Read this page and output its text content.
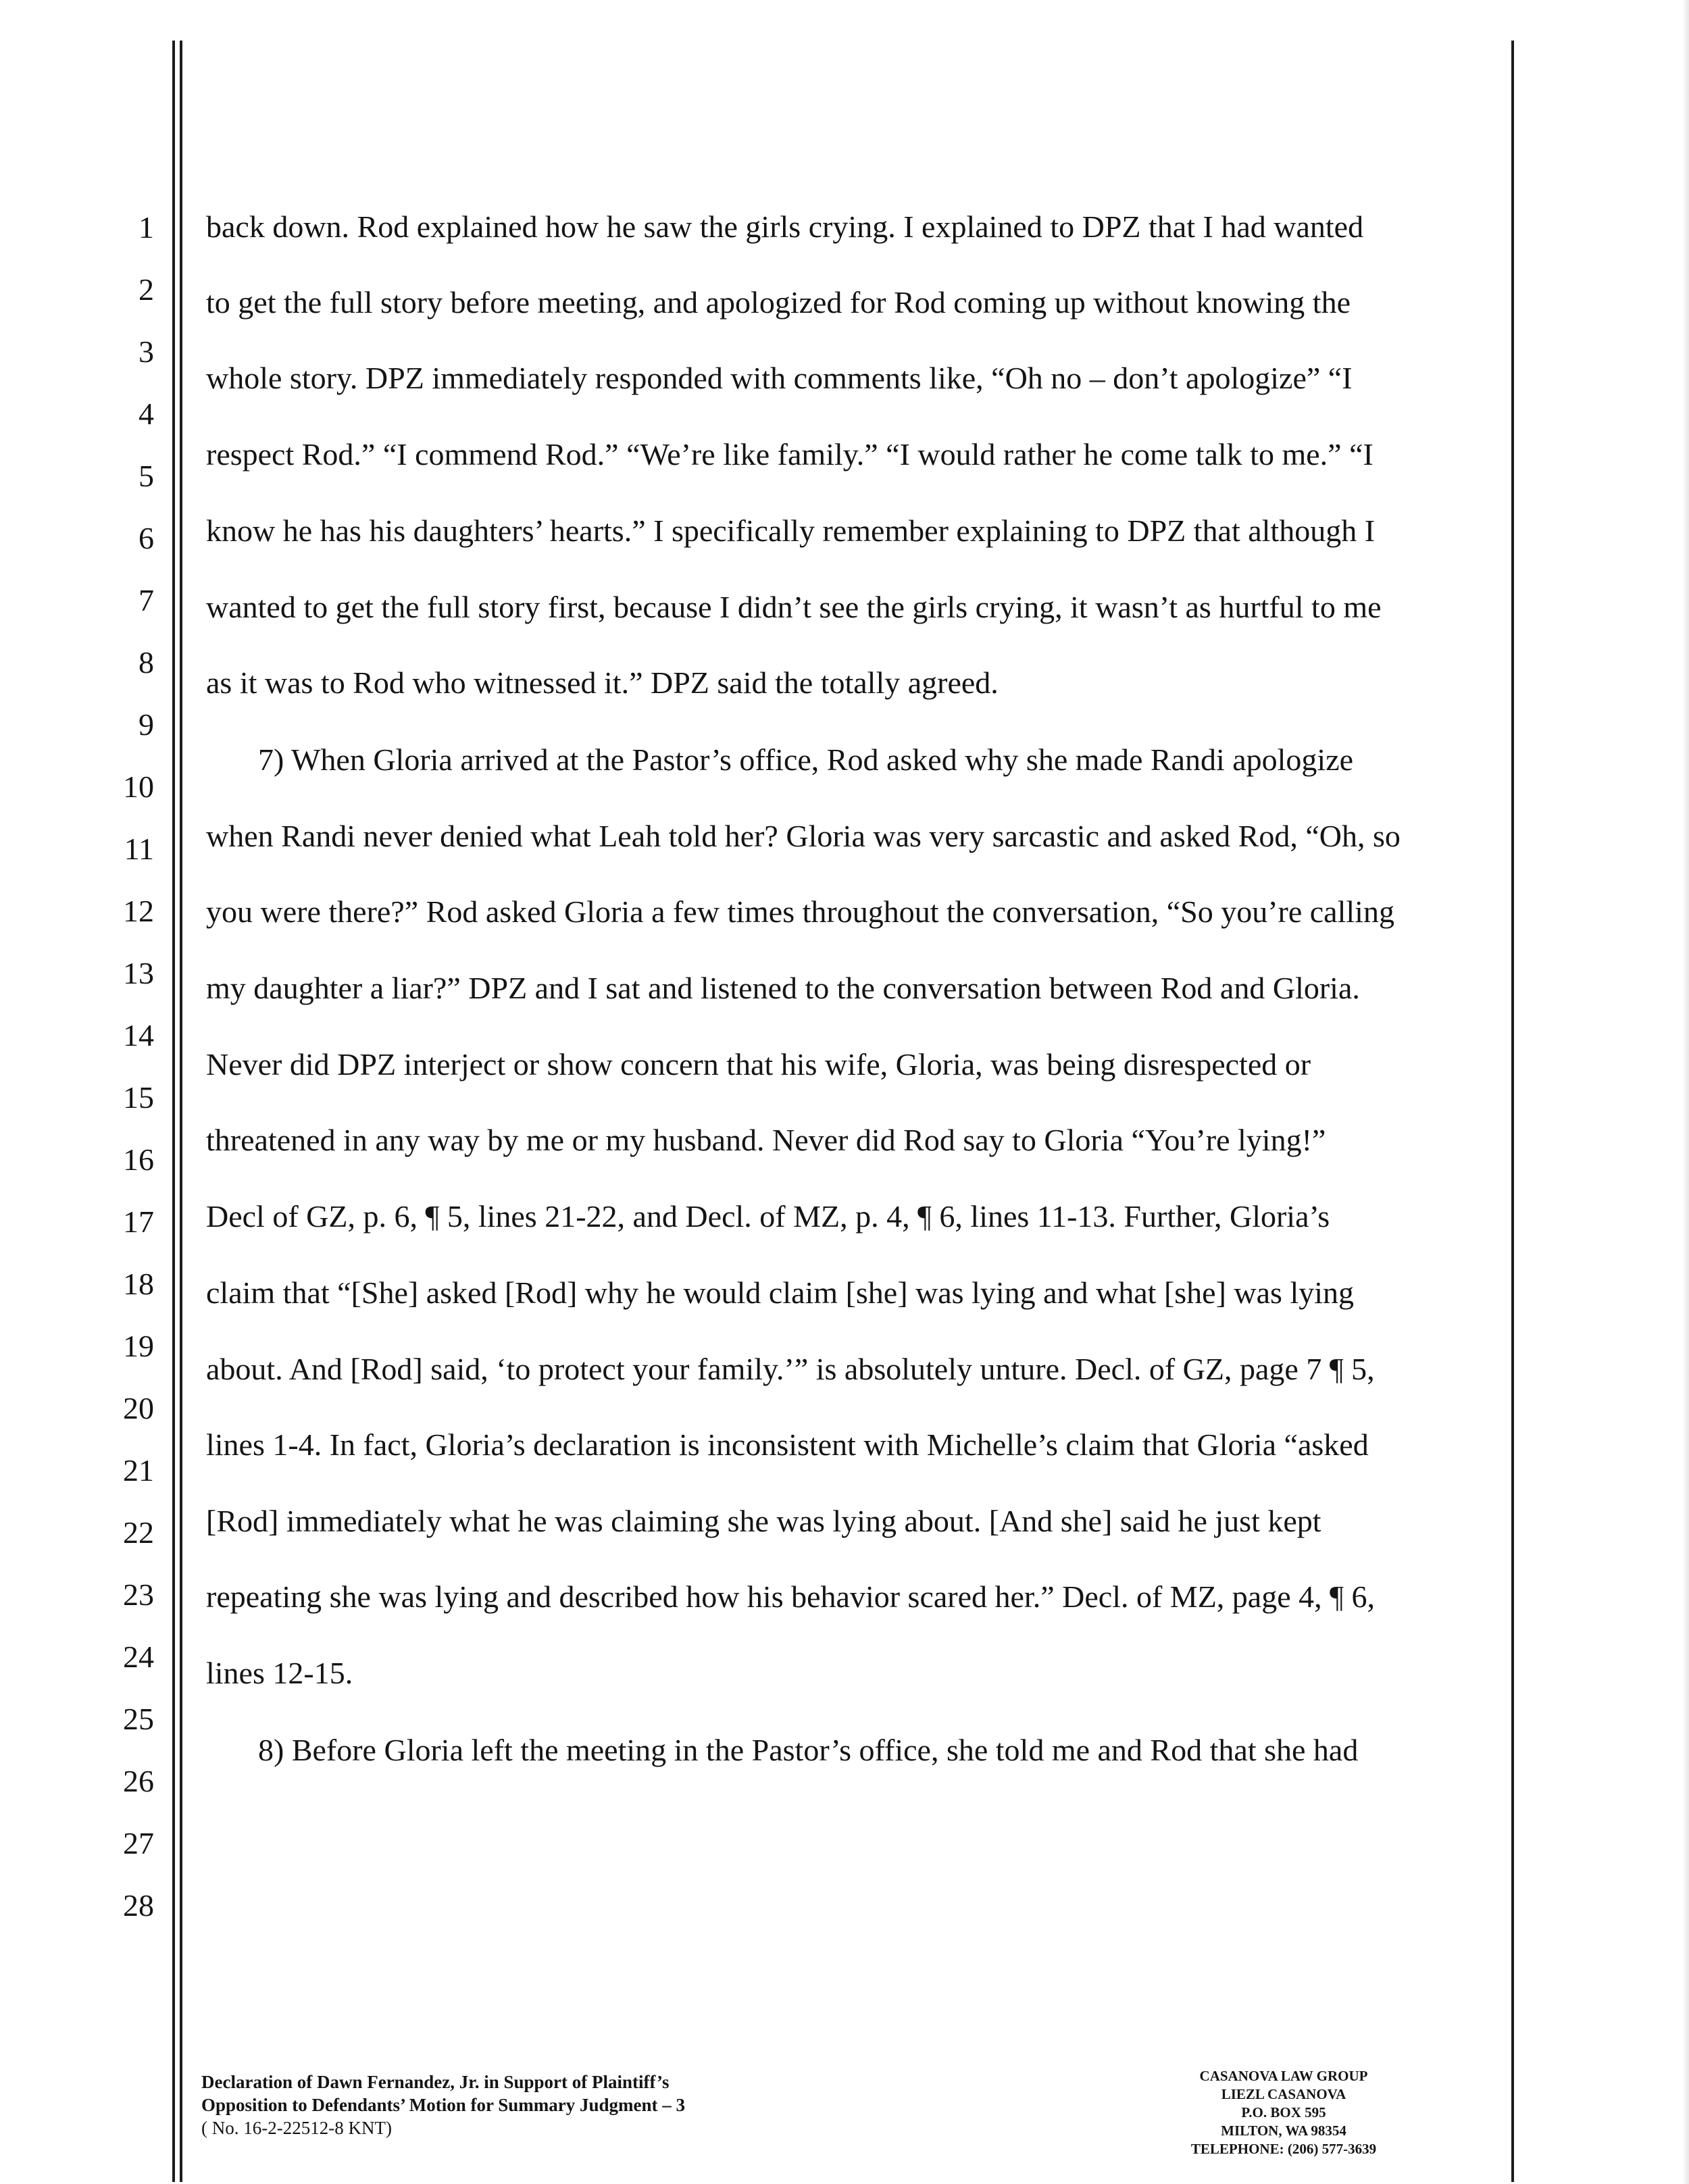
1
2
3
4
5
6
7
8
9
10
11
12
13
14
15
16
17
18
19
20
21
22
23
24
25
26
27
28
back down. Rod explained how he saw the girls crying. I explained to DPZ that I had wanted
to get the full story before meeting, and apologized for Rod coming up without knowing the
whole story. DPZ immediately responded with comments like, “Oh no – don’t apologize” “I
respect Rod.” “I commend Rod.” “We’re like family.” “I would rather he come talk to me.” “I
know he has his daughters’ hearts.” I specifically remember explaining to DPZ that although I
wanted to get the full story first, because I didn’t see the girls crying, it wasn’t as hurtful to me
as it was to Rod who witnessed it.” DPZ said the totally agreed.
7) When Gloria arrived at the Pastor’s office, Rod asked why she made Randi apologize
when Randi never denied what Leah told her? Gloria was very sarcastic and asked Rod, “Oh, so
you were there?” Rod asked Gloria a few times throughout the conversation, “So you’re calling
my daughter a liar?” DPZ and I sat and listened to the conversation between Rod and Gloria.
Never did DPZ interject or show concern that his wife, Gloria, was being disrespected or
threatened in any way by me or my husband. Never did Rod say to Gloria “You’re lying!”
Decl of GZ, p. 6, ¶ 5, lines 21-22, and Decl. of MZ, p. 4, ¶ 6, lines 11-13. Further, Gloria’s
claim that “[She] asked [Rod] why he would claim [she] was lying and what [she] was lying
about. And [Rod] said, ‘to protect your family.’” is absolutely unture. Decl. of GZ, page 7 ¶ 5,
lines 1-4. In fact, Gloria’s declaration is inconsistent with Michelle’s claim that Gloria “asked
[Rod] immediately what he was claiming she was lying about. [And she] said he just kept
repeating she was lying and described how his behavior scared her.” Decl. of MZ, page 4, ¶ 6,
lines 12-15.
8) Before Gloria left the meeting in the Pastor’s office, she told me and Rod that she had
Declaration of Dawn Fernandez, Jr. in Support of Plaintiff’s
Opposition to Defendants’ Motion for Summary Judgment – 3
( No. 16-2-22512-8 KNT)
CASANOVA LAW GROUP
LIEZL CASANOVA
P.O. BOX 595
MILTON, WA 98354
TELEPHONE: (206) 577-3639
